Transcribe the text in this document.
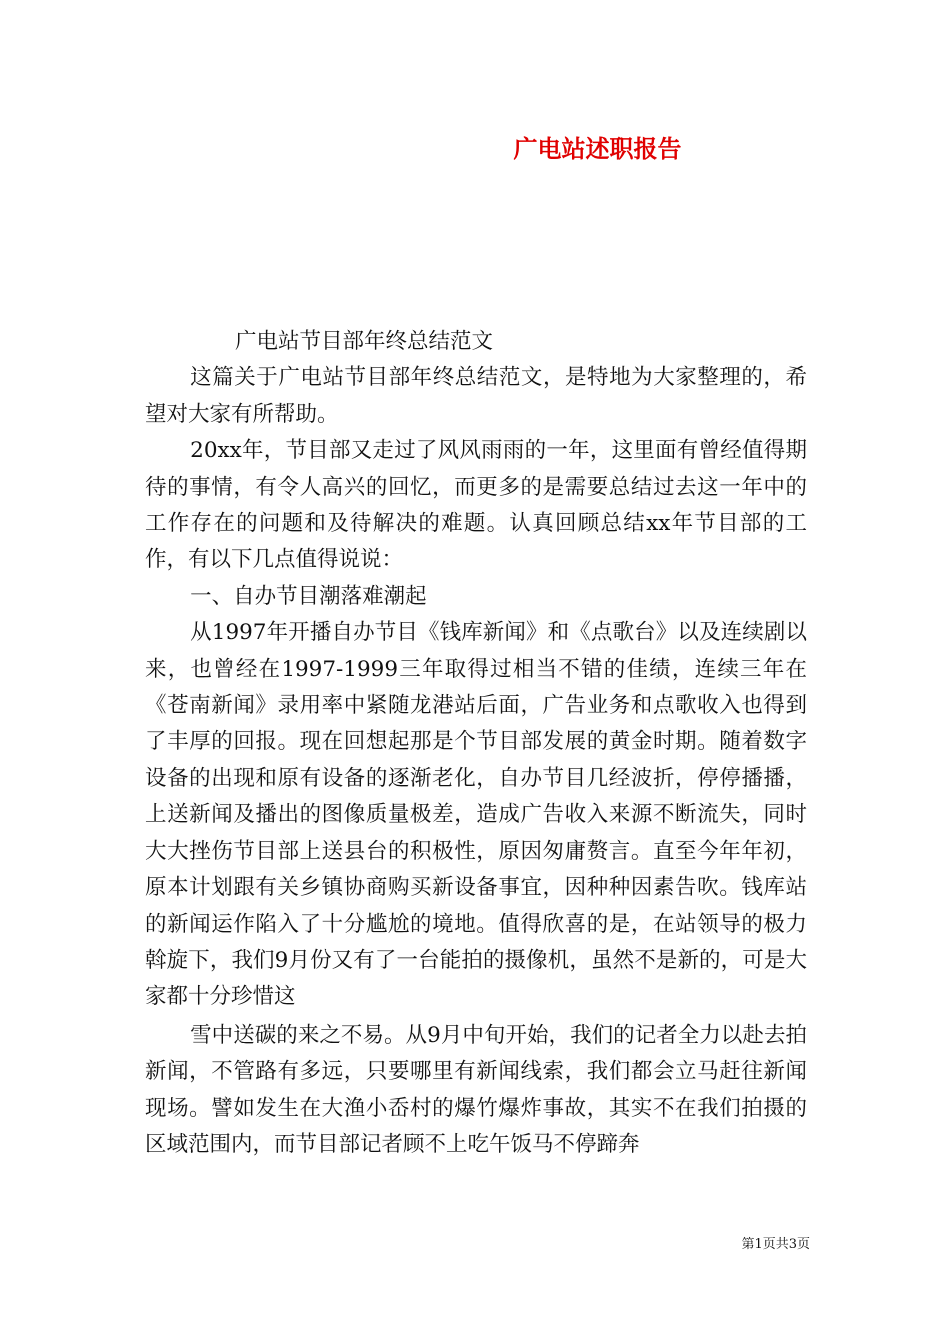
广电站述职报告

广电站节目部年终总结范文

这篇关于广电站节目部年终总结范文，是特地为大家整理的，希望对大家有所帮助。

20xx年，节目部又走过了风风雨雨的一年，这里面有曾经值得期待的事情，有令人高兴的回忆，而更多的是需要总结过去这一年中的工作存在的问题和及待解决的难题。认真回顾总结xx年节目部的工作，有以下几点值得说说：

一、自办节目潮落难潮起

从1997年开播自办节目《钱库新闻》和《点歌台》以及连续剧以来，也曾经在1997-1999三年取得过相当不错的佳绩，连续三年在《苍南新闻》录用率中紧随龙港站后面，广告业务和点歌收入也得到了丰厚的回报。现在回想起那是个节目部发展的黄金时期。随着数字设备的出现和原有设备的逐渐老化，自办节目几经波折，停停播播，上送新闻及播出的图像质量极差，造成广告收入来源不断流失，同时大大挫伤节目部上送县台的积极性，原因匆庸赘言。直至今年年初，原本计划跟有关乡镇协商购买新设备事宜，因种种因素告吹。钱库站的新闻运作陷入了十分尴尬的境地。值得欣喜的是，在站领导的极力斡旋下，我们9月份又有了一台能拍的摄像机，虽然不是新的，可是大家都十分珍惜这

雪中送碳的来之不易。从9月中旬开始，我们的记者全力以赴去拍新闻，不管路有多远，只要哪里有新闻线索，我们都会立马赶往新闻现场。譬如发生在大渔小岙村的爆竹爆炸事故，其实不在我们拍摄的区域范围内，而节目部记者顾不上吃午饭马不停蹄奔

第1页共3页
